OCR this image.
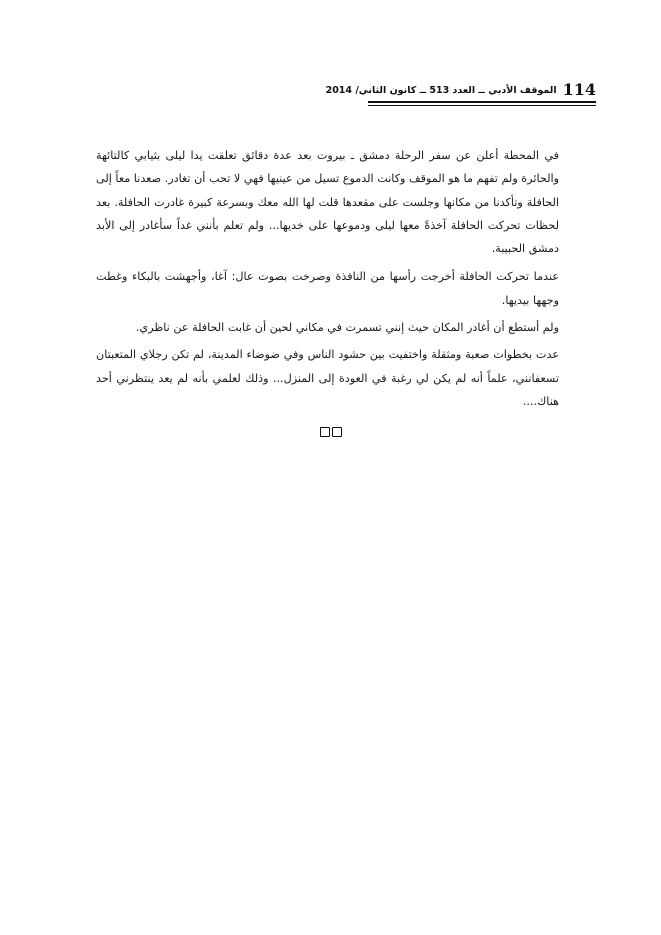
114
الموقف الأدبي ــ العدد 513 ــ كانون الثاني/ 2014

في المحطة أعلن عن سفر الرحلة دمشق ـ بيروت بعد عدة دقائق تعلقت يدا ليلى بثيابي كالتائهة والحائرة ولم تفهم ما هو الموقف وكانت الدموع تسيل من عينيها فهي لا تحب أن تغادر. صعدنا معاً إلى الحافلة وتأكدنا من مكانها وجلست على مقعدها قلت لها الله معك وبسرعة كبيرة غادرت الحافلة. بعد لحظات تحركت الحافلة آخذةً معها ليلى ودموعها على خديها... ولم تعلم بأنني غداً سأغادر إلى الأبد دمشق الحبيبة.

عندما تحركت الحافلة أخرجت رأسها من النافذة وصرخت بصوت عال: آغا، وأجهشت بالبكاء وغطت وجهها بيديها.

ولم أستطع أن أغادر المكان حيث إنني تسمرت في مكاني لحين أن غابت الحافلة عن ناظري.

عدت بخطوات صعبة ومثقلة واختفيت بين حشود الناس وفي ضوضاء المدينة، لم تكن رجلاي المتعبتان تسعفانني، علماً أنه لم يكن لي رغبة في العودة إلى المنزل... وذلك لعلمي بأنه لم يعد ينتظرني أحد هناك....
